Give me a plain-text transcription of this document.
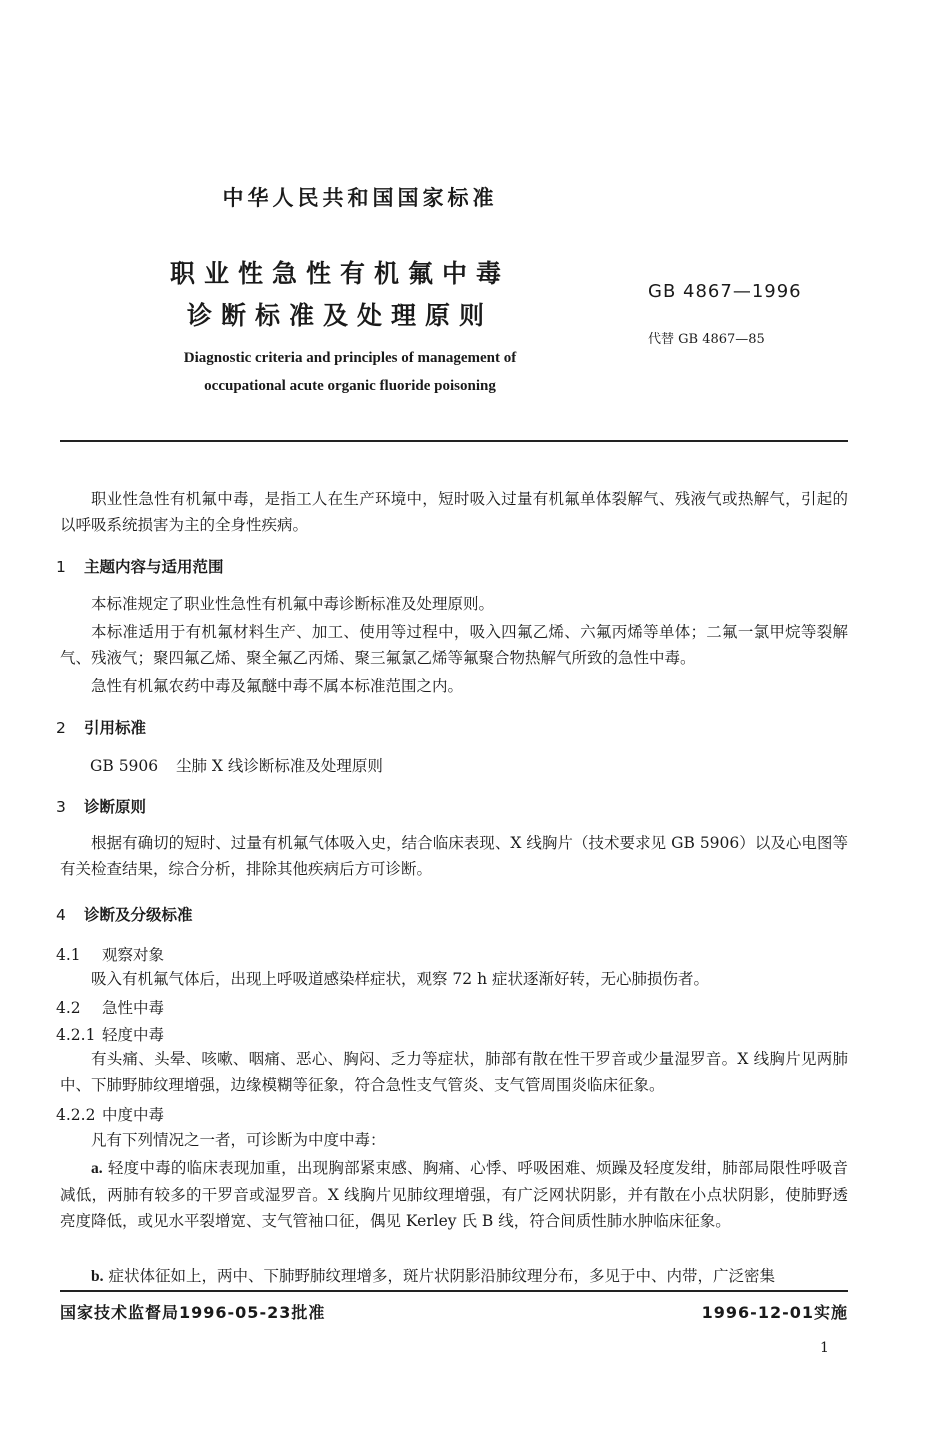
中华人民共和国国家标准
职业性急性有机氟中毒
诊断标准及处理原则
Diagnostic criteria and principles of management of
occupational acute organic fluoride poisoning
GB 4867—1996
代替 GB 4867—85

职业性急性有机氟中毒，是指工人在生产环境中，短时吸入过量有机氟单体裂解气、残液气或热解气，引起的以呼吸系统损害为主的全身性疾病。

1 主题内容与适用范围

本标准规定了职业性急性有机氟中毒诊断标准及处理原则。

本标准适用于有机氟材料生产、加工、使用等过程中，吸入四氟乙烯、六氟丙烯等单体；二氟一氯甲烷等裂解气、残液气；聚四氟乙烯、聚全氟乙丙烯、聚三氟氯乙烯等氟聚合物热解气所致的急性中毒。

急性有机氟农药中毒及氟醚中毒不属本标准范围之内。

2 引用标准
GB 5906 尘肺 X 线诊断标准及处理原则
3 诊断原则

根据有确切的短时、过量有机氟气体吸入史，结合临床表现、X 线胸片（技术要求见 GB 5906）以及心电图等有关检查结果，综合分析，排除其他疾病后方可诊断。

4 诊断及分级标准
4.1 观察对象

吸入有机氟气体后，出现上呼吸道感染样症状，观察 72 h 症状逐渐好转，无心肺损伤者。

4.2 急性中毒
4.2.1 轻度中毒

有头痛、头晕、咳嗽、咽痛、恶心、胸闷、乏力等症状，肺部有散在性干罗音或少量湿罗音。X 线胸片见两肺中、下肺野肺纹理增强，边缘模糊等征象，符合急性支气管炎、支气管周围炎临床征象。

4.2.2 中度中毒

凡有下列情况之一者，可诊断为中度中毒：

a. 轻度中毒的临床表现加重，出现胸部紧束感、胸痛、心悸、呼吸困难、烦躁及轻度发绀，肺部局限性呼吸音减低，两肺有较多的干罗音或湿罗音。X 线胸片见肺纹理增强，有广泛网状阴影，并有散在小点状阴影，使肺野透亮度降低，或见水平裂增宽、支气管袖口征，偶见 Kerley 氏 B 线，符合间质性肺水肿临床征象。

b. 症状体征如上，两中、下肺野肺纹理增多，斑片状阴影沿肺纹理分布，多见于中、内带，广泛密集

国家技术监督局1996-05-23批准	1996-12-01实施
1
